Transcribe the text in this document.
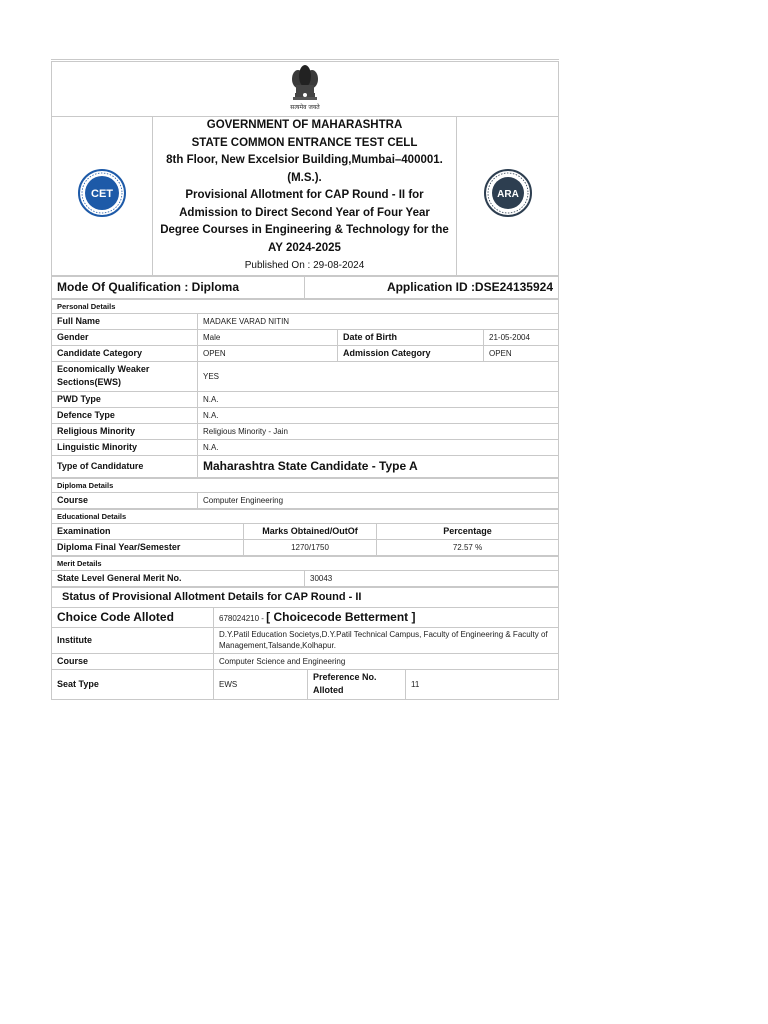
सत्यमेव जयते

CET

GOVERNMENT OF MAHARASHTRA
STATE COMMON ENTRANCE TEST CELL
8th Floor, New Excelsior Building,Mumbai–400001.
(M.S.).
Provisional Allotment for CAP Round - II for
Admission to Direct Second Year of Four Year
Degree Courses in Engineering & Technology for the
AY 2024-2025
Published On : 29-08-2024

ARA
Mode Of Qualification : Diploma	Application ID :DSE24135924
Personal Details			
Full Name	MADAKE VARAD NITIN		
Gender	Male	Date of Birth	21-05-2004
Candidate Category	OPEN	Admission Category	OPEN
Economically Weaker Sections(EWS)	YES		
PWD Type	N.A.		
Defence Type	N.A.		
Religious Minority	Religious Minority - Jain		
Linguistic Minority	N.A.		
Type of Candidature	Maharashtra State Candidate - Type A		
Diploma Details
Course	Computer Engineering
Educational Details		
Examination	Marks Obtained/OutOf	Percentage
Diploma Final Year/Semester	1270/1750	72.57 %
Merit Details
State Level General Merit No.	30043
Status of Provisional Allotment Details for CAP Round - II			
Choice Code Alloted	678024210 - [ Choicecode Betterment ]		
Institute	D.Y.Patil Education Societys,D.Y.Patil Technical Campus, Faculty of Engineering & Faculty of Management,Talsande,Kolhapur.		
Course	Computer Science and Engineering		
Seat Type	EWS	Preference No. Alloted	11
